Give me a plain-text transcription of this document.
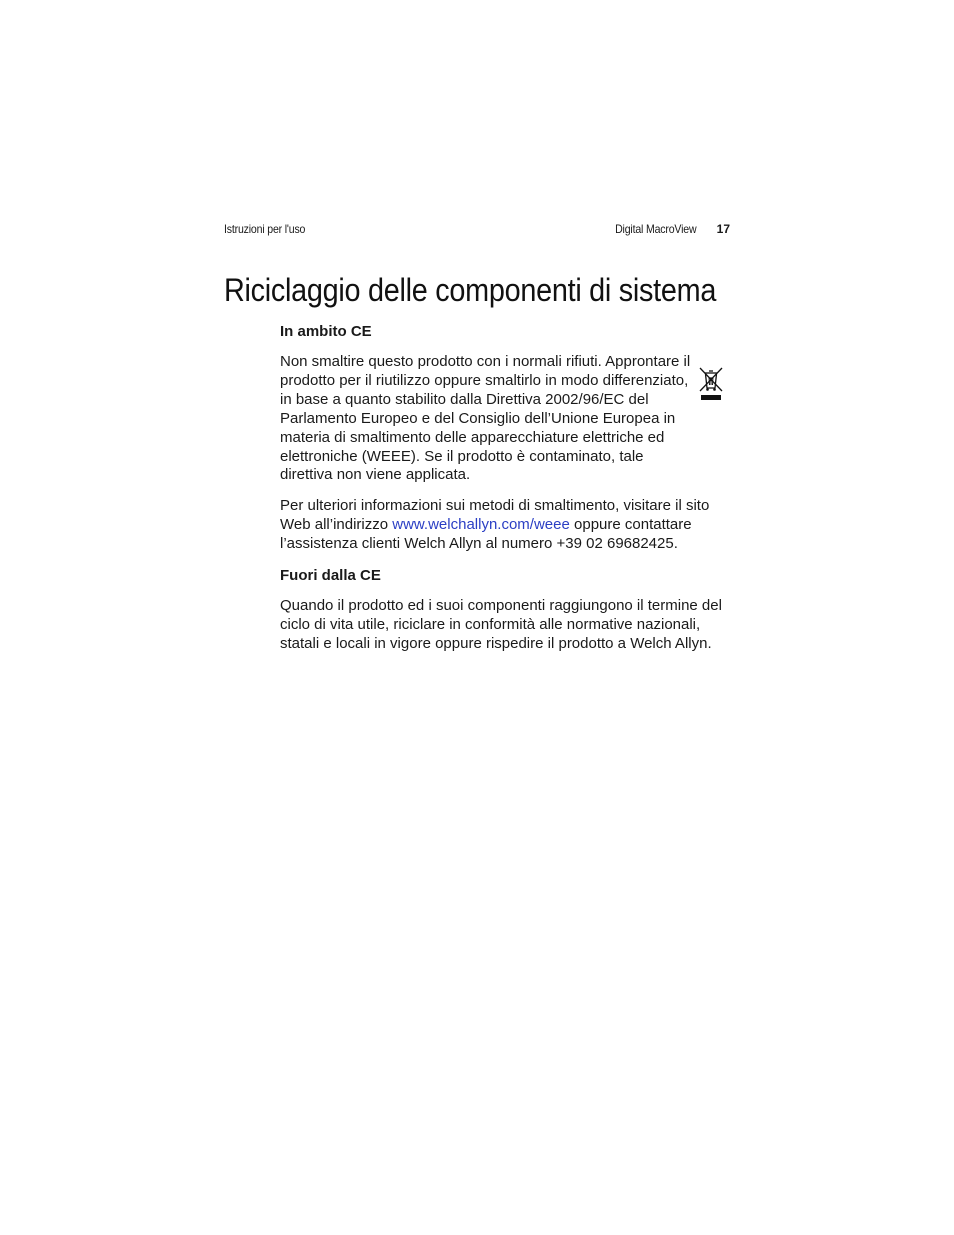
Istruzioni per l'uso	Digital MacroView 17
Riciclaggio delle componenti di sistema
In ambito CE

Non smaltire questo prodotto con i normali rifiuti. Approntare il prodotto per il riutilizzo oppure smaltirlo in modo differenziato, in base a quanto stabilito dalla Direttiva 2002/96/EC del Parlamento Europeo e del Consiglio dell’Unione Europea in materia di smaltimento delle apparecchiature elettriche ed elettroniche (WEEE). Se il prodotto è contaminato, tale direttiva non viene applicata.

Per ulteriori informazioni sui metodi di smaltimento, visitare il sito Web all’indirizzo www.welchallyn.com/weee oppure contattare l’assistenza clienti Welch Allyn al numero +39 02 69682425.

Fuori dalla CE

Quando il prodotto ed i suoi componenti raggiungono il termine del ciclo di vita utile, riciclare in conformità alle normative nazionali, statali e locali in vigore oppure rispedire il prodotto a Welch Allyn.
